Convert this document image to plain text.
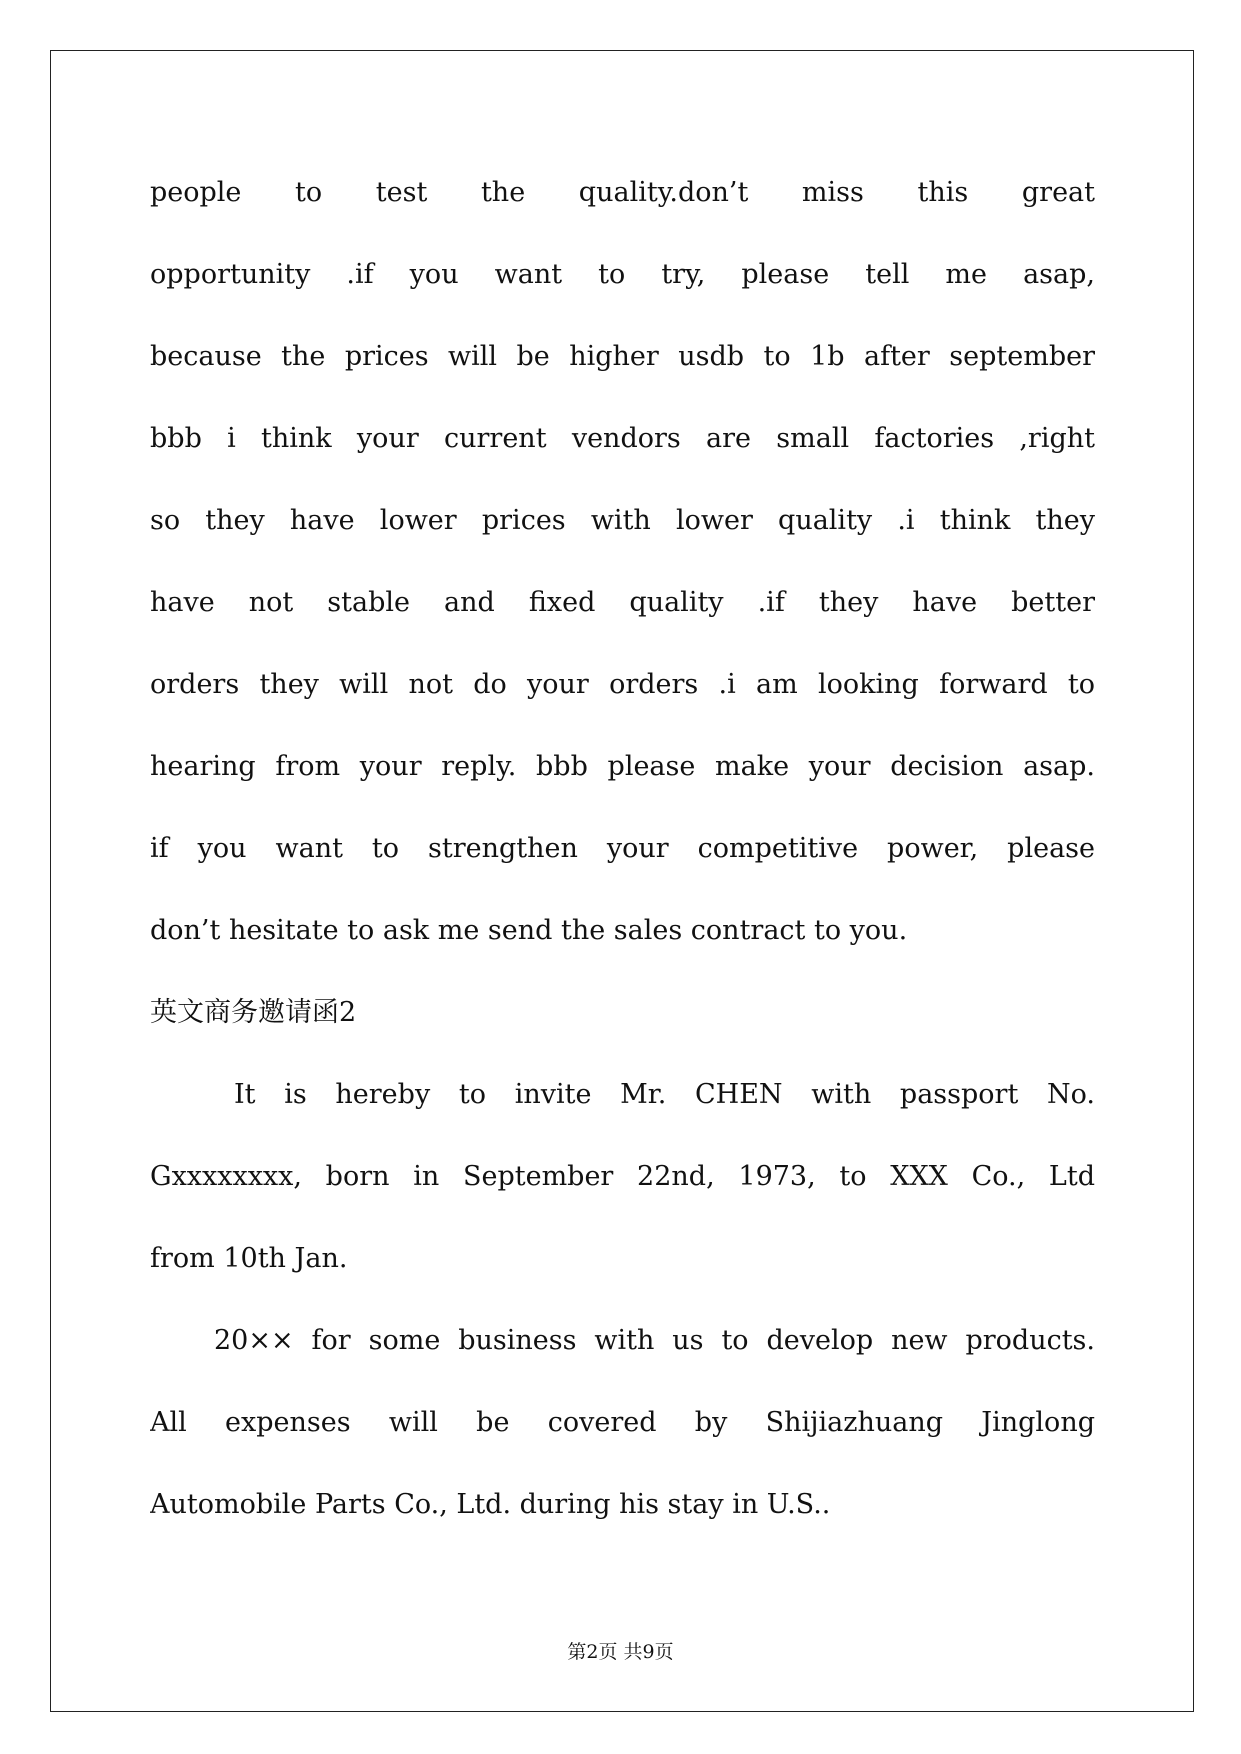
people to test the quality.don’t miss this great
opportunity .if you want to try, please tell me asap,
because the prices will be higher usdb to 1b after september
bbb i think your current vendors are small factories ,right
so they have lower prices with lower quality .i think they
have not stable and fixed quality .if they have better
orders they will not do your orders .i am looking forward to
hearing from your reply. bbb please make your decision asap.
if you want to strengthen your competitive power, please
don’t hesitate to ask me send the sales contract to you.
英文商务邀请函2
It is hereby to invite Mr. CHEN with passport No.
Gxxxxxxxx, born in September 22nd, 1973, to XXX Co., Ltd
from 10th Jan.
20×× for some business with us to develop new products.
All expenses will be covered by Shijiazhuang Jinglong
Automobile Parts Co., Ltd. during his stay in U.S..
第2页 共9页
